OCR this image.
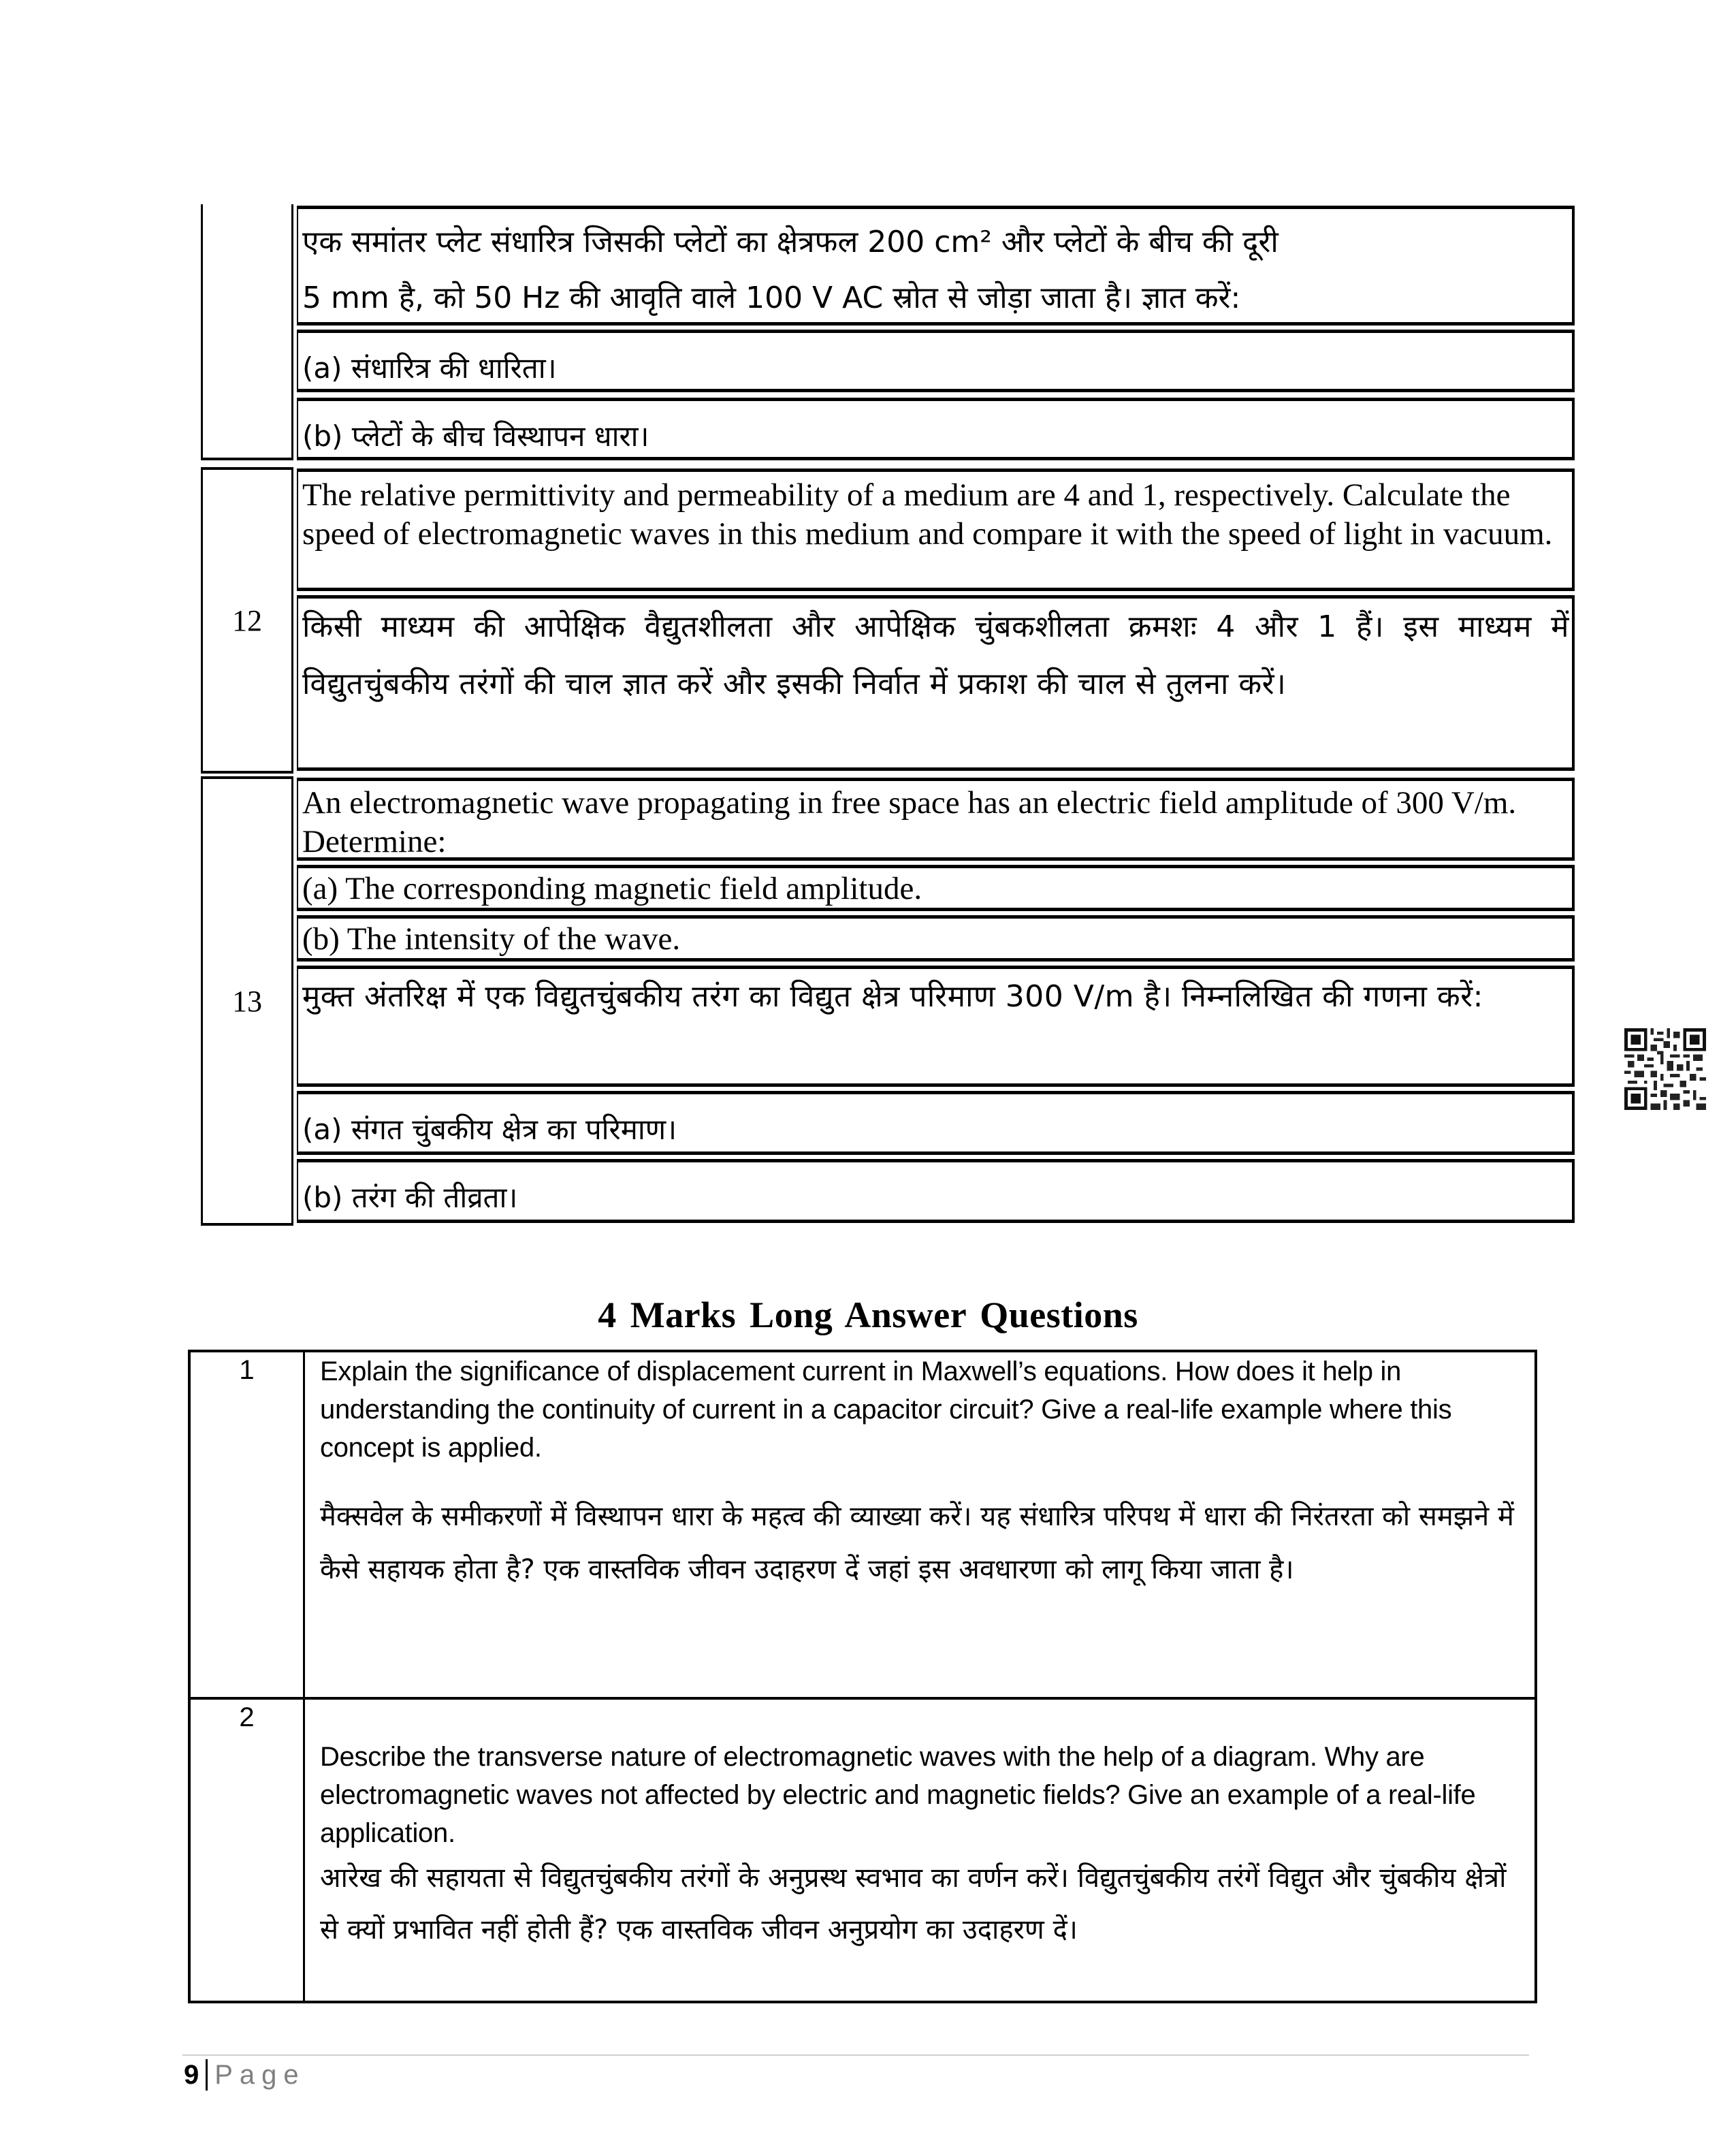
एक समांतर प्लेट संधारित्र जिसकी प्लेटों का क्षेत्रफल 200 cm² और प्लेटों के बीच की दूरी
5 mm है, को 50 Hz की आवृति वाले 100 V AC स्रोत से जोड़ा जाता है। ज्ञात करें:
(a) संधारित्र की धारिता।
(b) प्लेटों के बीच विस्थापन धारा।
12
The relative permittivity and permeability of a medium are 4 and 1, respectively. Calculate the speed of electromagnetic waves in this medium and compare it with the speed of light in vacuum.
किसी माध्यम की आपेक्षिक वैद्युतशीलता और आपेक्षिक चुंबकशीलता क्रमशः 4 और 1 हैं। इस माध्यम में विद्युतचुंबकीय तरंगों की चाल ज्ञात करें और इसकी निर्वात में प्रकाश की चाल से तुलना करें।
13
An electromagnetic wave propagating in free space has an electric field amplitude of 300 V/m. Determine:
(a) The corresponding magnetic field amplitude.
(b) The intensity of the wave.
मुक्त अंतरिक्ष में एक विद्युतचुंबकीय तरंग का विद्युत क्षेत्र परिमाण 300 V/m है। निम्नलिखित की गणना करें:
(a) संगत चुंबकीय क्षेत्र का परिमाण।
(b) तरंग की तीव्रता।
4 Marks Long Answer Questions
1	Explain the significance of displacement current in Maxwell’s equations. How does it help in understanding the continuity of current in a capacitor circuit? Give a real-life example where this concept is applied.
मैक्सवेल के समीकरणों में विस्थापन धारा के महत्व की व्याख्या करें। यह संधारित्र परिपथ में धारा की निरंतरता को समझने में कैसे सहायक होता है? एक वास्तविक जीवन उदाहरण दें जहां इस अवधारणा को लागू किया जाता है।
2
Describe the transverse nature of electromagnetic waves with the help of a diagram. Why are electromagnetic waves not affected by electric and magnetic fields? Give an example of a real-life application.
आरेख की सहायता से विद्युतचुंबकीय तरंगों के अनुप्रस्थ स्वभाव का वर्णन करें। विद्युतचुंबकीय तरंगें विद्युत और चुंबकीय क्षेत्रों से क्यों प्रभावित नहीं होती हैं? एक वास्तविक जीवन अनुप्रयोग का उदाहरण दें।
9 Page
